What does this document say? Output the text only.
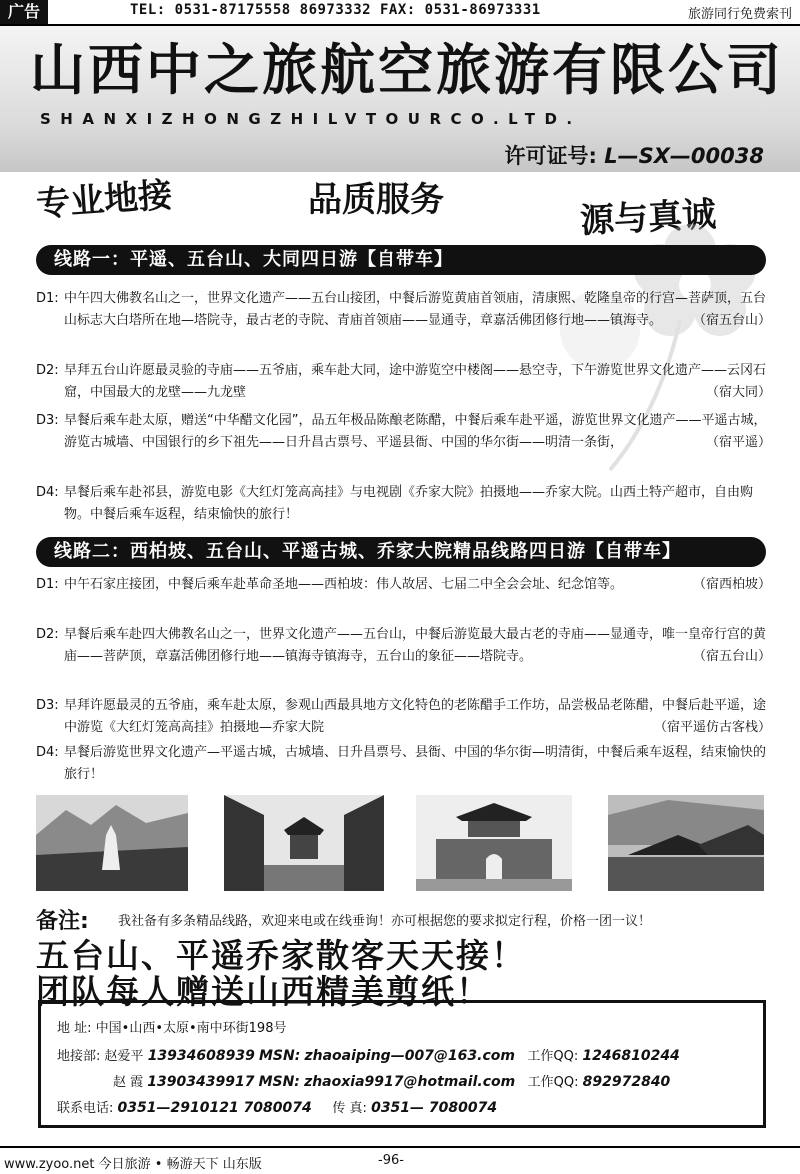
广告	TEL: 0531-87175558 86973332 FAX: 0531-86973331	旅游同行免费索刊
山西中之旅航空旅游有限公司
SHANXIZHONGZHILVTOURCO.LTD.
许可证号: L—SX—00038
专业地接	品质服务	源与真诚
线路一：平遥、五台山、大同四日游【自带车】
D1: 中午四大佛教名山之一，世界文化遗产——五台山接团，中餐后游览黄庙首领庙，清康熙、乾隆皇帝的行宫—菩萨顶，五台山标志大白塔所在地—塔院寺，最古老的寺院、青庙首领庙——显通寺，章嘉活佛团修行地——镇海寺。 （宿五台山）
D2: 早拜五台山许愿最灵验的寺庙——五爷庙，乘车赴大同，途中游览空中楼阁——悬空寺，下午游览世界文化遗产——云冈石窟，中国最大的龙壁——九龙壁	（宿大同）
D3: 早餐后乘车赴太原，赠送“中华醋文化园”，品五年极品陈酿老陈醋，中餐后乘车赴平遥，游览世界文化遗产——平遥古城，游览古城墙、中国银行的乡下祖先——日升昌古票号、平遥县衙、中国的华尔街——明清一条街，	（宿平遥）
D4: 早餐后乘车赴祁县，游览电影《大红灯笼高高挂》与电视剧《乔家大院》拍摄地——乔家大院。山西土特产超市，自由购物。中餐后乘车返程，结束愉快的旅行！
线路二：西柏坡、五台山、平遥古城、乔家大院精品线路四日游【自带车】
D1: 中午石家庄接团，中餐后乘车赴革命圣地——西柏坡：伟人故居、七届二中全会会址、纪念馆等。	（宿西柏坡）
D2: 早餐后乘车赴四大佛教名山之一，世界文化遗产——五台山，中餐后游览最大最古老的寺庙——显通寺，唯一皇帝行宫的黄庙——菩萨顶，章嘉活佛团修行地——镇海寺镇海寺，五台山的象征——塔院寺。	（宿五台山）
D3: 早拜许愿最灵的五爷庙，乘车赴太原，参观山西最具地方文化特色的老陈醋手工作坊，品尝极品老陈醋，中餐后赴平遥，途中游览《大红灯笼高高挂》拍摄地—乔家大院	（宿平遥仿古客栈）
D4: 早餐后游览世界文化遗产—平遥古城，古城墙、日升昌票号、县衙、中国的华尔街—明清街，中餐后乘车返程，结束愉快的旅行！
备注: 我社备有多条精品线路，欢迎来电或在线垂询！亦可根据您的要求拟定行程，价格一团一议！
五台山、平遥乔家散客天天接！
团队每人赠送山西精美剪纸！
地 址: 中国•山西•太原•南中环街198号
地接部: 赵爱平 13934608939 MSN: zhaoaiping—007@163.com 工作QQ: 1246810244
赵 霞 13903439917 MSN: zhaoxia9917@hotmail.com 工作QQ: 892972840
联系电话: 0351—2910121 7080074 传 真: 0351— 7080074
www.zyoo.net 今日旅游 • 畅游天下 山东版	-96-
